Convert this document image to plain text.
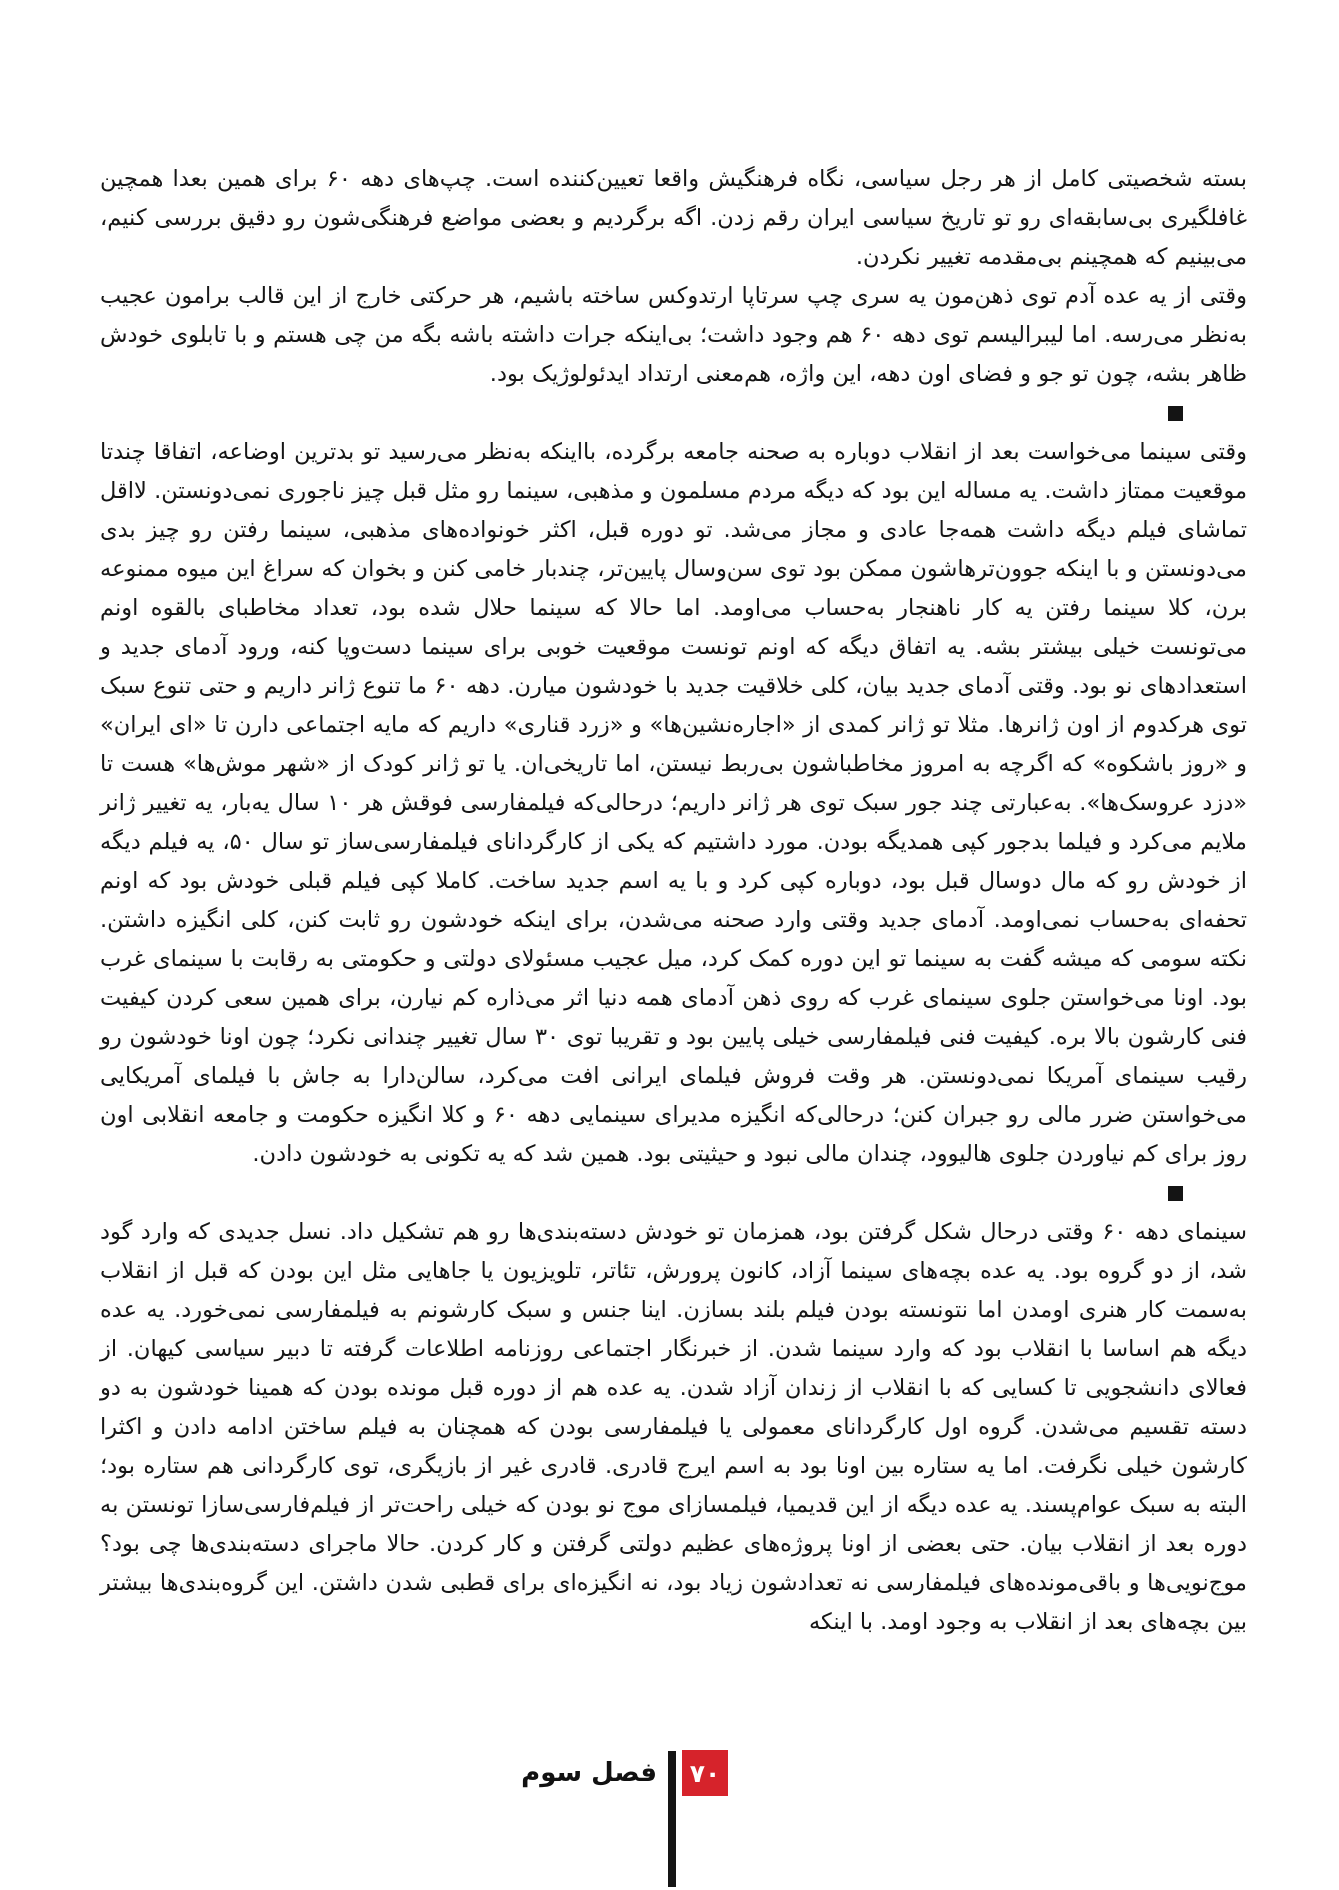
بسته شخصیتی کامل از هر رجل سیاسی، نگاه فرهنگیش واقعا تعیین‌کننده است. چپ‌های دهه ۶۰ برای همین بعدا همچین غافلگیری بی‌سابقه‌ای رو تو تاریخ سیاسی ایران رقم زدن. اگه برگردیم و بعضی مواضع فرهنگی‌شون رو دقیق بررسی کنیم، می‌بینیم که همچینم بی‌مقدمه تغییر نکردن.

وقتی از یه عده آدم توی ذهن‌مون یه سری چپ سرتاپا ارتدوکس ساخته باشیم، هر حرکتی خارج از این قالب برامون عجیب به‌نظر می‌رسه. اما لیبرالیسم توی دهه ۶۰ هم وجود داشت؛ بی‌اینکه جرات داشته باشه بگه من چی هستم و با تابلوی خودش ظاهر بشه، چون تو جو و فضای اون دهه، این واژه، هم‌معنی ارتداد ایدئولوژیک بود.

وقتی سینما می‌خواست بعد از انقلاب دوباره به صحنه جامعه برگرده، بااینکه به‌نظر می‌رسید تو بدترین اوضاعه، اتفاقا چندتا موقعیت ممتاز داشت. یه مساله این بود که دیگه مردم مسلمون و مذهبی، سینما رو مثل قبل چیز ناجوری نمی‌دونستن. لااقل تماشای فیلم دیگه داشت همه‌جا عادی و مجاز می‌شد. تو دوره قبل، اکثر خونواده‌های مذهبی، سینما رفتن رو چیز بدی می‌دونستن و با اینکه جوون‌ترهاشون ممکن بود توی سن‌وسال پایین‌تر، چندبار خامی کنن و بخوان که سراغ این میوه ممنوعه برن، کلا سینما رفتن یه کار ناهنجار به‌حساب می‌اومد. اما حالا که سینما حلال شده بود، تعداد مخاطبای بالقوه اونم می‌تونست خیلی بیشتر بشه. یه اتفاق دیگه که اونم تونست موقعیت خوبی برای سینما دست‌وپا کنه، ورود آدمای جدید و استعدادهای نو بود. وقتی آدمای جدید بیان، کلی خلاقیت جدید با خودشون میارن. دهه ۶۰ ما تنوع ژانر داریم و حتی تنوع سبک توی هرکدوم از اون ژانرها. مثلا تو ژانر کمدی از «اجاره‌نشین‌ها» و «زرد قناری» داریم که مایه اجتماعی دارن تا «ای ایران» و «روز باشکوه» که اگرچه به امروز مخاطباشون بی‌ربط نیستن، اما تاریخی‌ان. یا تو ژانر کودک از «شهر موش‌ها» هست تا «دزد عروسک‌ها». به‌عبارتی چند جور سبک توی هر ژانر داریم؛ درحالی‌که فیلمفارسی فوقش هر ۱۰ سال یه‌بار، یه تغییر ژانر ملایم می‌کرد و فیلما بدجور کپی همدیگه بودن. مورد داشتیم که یکی از کارگردانای فیلمفارسی‌ساز تو سال ۵۰، یه فیلم دیگه از خودش رو که مال دوسال قبل بود، دوباره کپی کرد و با یه اسم جدید ساخت. کاملا کپی فیلم قبلی خودش بود که اونم تحفه‌ای به‌حساب نمی‌اومد. آدمای جدید وقتی وارد صحنه می‌شدن، برای اینکه خودشون رو ثابت کنن، کلی انگیزه داشتن. نکته سومی که میشه گفت به سینما تو این دوره کمک کرد، میل عجیب مسئولای دولتی و حکومتی به رقابت با سینمای غرب بود. اونا می‌خواستن جلوی سینمای غرب که روی ذهن آدمای همه دنیا اثر می‌ذاره کم نیارن، برای همین سعی کردن کیفیت فنی کارشون بالا بره. کیفیت فنی فیلمفارسی خیلی پایین بود و تقریبا توی ۳۰ سال تغییر چندانی نکرد؛ چون اونا خودشون رو رقیب سینمای آمریکا نمی‌دونستن. هر وقت فروش فیلمای ایرانی افت می‌کرد، سالن‌دارا به جاش با فیلمای آمریکایی می‌خواستن ضرر مالی رو جبران کنن؛ درحالی‌که انگیزه مدیرای سینمایی دهه ۶۰ و کلا انگیزه حکومت و جامعه انقلابی اون روز برای کم نیاوردن جلوی هالیوود، چندان مالی نبود و حیثیتی بود. همین شد که یه تکونی به خودشون دادن.

سینمای دهه ۶۰ وقتی درحال شکل گرفتن بود، همزمان تو خودش دسته‌بندی‌ها رو هم تشکیل داد. نسل جدیدی که وارد گود شد، از دو گروه بود. یه عده بچه‌های سینما آزاد، کانون پرورش، تئاتر، تلویزیون یا جاهایی مثل این بودن که قبل از انقلاب به‌سمت کار هنری اومدن اما نتونسته بودن فیلم بلند بسازن. اینا جنس و سبک کارشونم به فیلمفارسی نمی‌خورد. یه عده دیگه هم اساسا با انقلاب بود که وارد سینما شدن. از خبرنگار اجتماعی روزنامه اطلاعات گرفته تا دبیر سیاسی کیهان. از فعالای دانشجویی تا کسایی که با انقلاب از زندان آزاد شدن. یه عده هم از دوره قبل مونده بودن که همینا خودشون به دو دسته تقسیم می‌شدن. گروه اول کارگردانای معمولی یا فیلمفارسی بودن که همچنان به فیلم ساختن ادامه دادن و اکثرا کارشون خیلی نگرفت. اما یه ستاره بین اونا بود به اسم ایرج قادری. قادری غیر از بازیگری، توی کارگردانی هم ستاره بود؛ البته به سبک عوام‌پسند. یه عده دیگه از این قدیمیا، فیلمسازای موج نو بودن که خیلی راحت‌تر از فیلم‌فارسی‌سازا تونستن به دوره بعد از انقلاب بیان. حتی بعضی از اونا پروژه‌های عظیم دولتی گرفتن و کار کردن. حالا ماجرای دسته‌بندی‌ها چی بود؟ موج‌نویی‌ها و باقی‌مونده‌های فیلمفارسی نه تعدادشون زیاد بود، نه انگیزه‌ای برای قطبی شدن داشتن. این گروه‌بندی‌ها بیشتر بین بچه‌های بعد از انقلاب به وجود اومد. با اینکه

فصل سوم	۷۰
